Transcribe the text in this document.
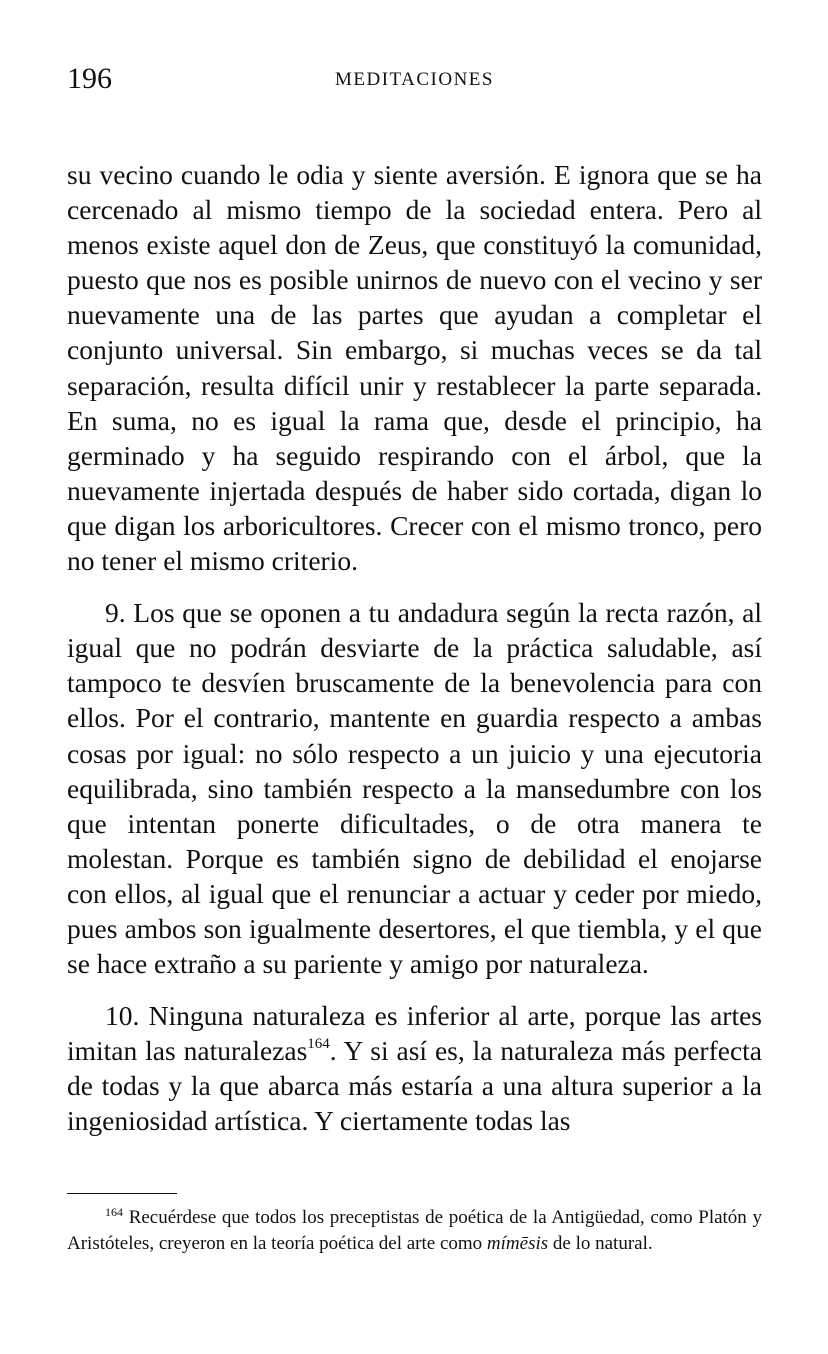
196	MEDITACIONES

su vecino cuando le odia y siente aversión. E ignora que se ha cercenado al mismo tiempo de la sociedad entera. Pero al menos existe aquel don de Zeus, que constituyó la comunidad, puesto que nos es posible unirnos de nuevo con el vecino y ser nuevamente una de las partes que ayudan a completar el conjunto universal. Sin embargo, si muchas veces se da tal separación, resulta difícil unir y restablecer la parte separada. En suma, no es igual la rama que, desde el principio, ha germinado y ha seguido respirando con el árbol, que la nuevamente injertada después de haber sido cortada, digan lo que digan los arboricultores. Crecer con el mismo tronco, pero no tener el mismo criterio.

9. Los que se oponen a tu andadura según la recta razón, al igual que no podrán desviarte de la práctica saludable, así tampoco te desvíen bruscamente de la benevolencia para con ellos. Por el contrario, mantente en guardia respecto a ambas cosas por igual: no sólo respecto a un juicio y una ejecutoria equilibrada, sino también respecto a la mansedumbre con los que intentan ponerte dificultades, o de otra manera te molestan. Porque es también signo de debilidad el enojarse con ellos, al igual que el renunciar a actuar y ceder por miedo, pues ambos son igualmente desertores, el que tiembla, y el que se hace extraño a su pariente y amigo por naturaleza.

10. Ninguna naturaleza es inferior al arte, porque las artes imitan las naturalezas$^{164}$. Y si así es, la naturaleza más perfecta de todas y la que abarca más estaría a una altura superior a la ingeniosidad artística. Y ciertamente todas las

$^{164}$ Recuérdese que todos los preceptistas de poética de la Antigüedad, como Platón y Aristóteles, creyeron en la teoría poética del arte como mímēsis de lo natural.
